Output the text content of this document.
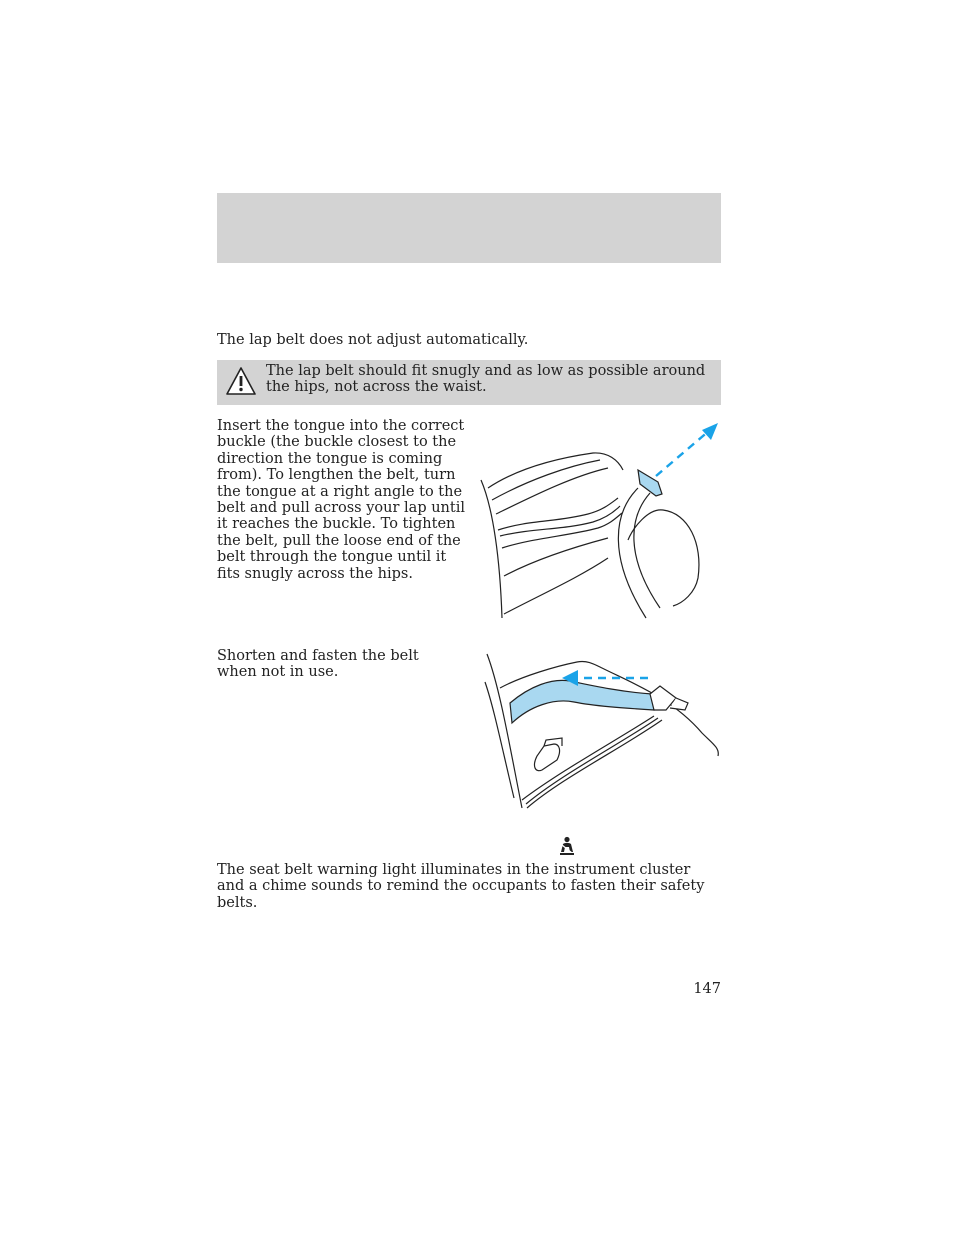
The lap belt does not adjust automatically.

The lap belt should fit snugly and as low as possible around the hips, not across the waist.

Insert the tongue into the correct buckle (the buckle closest to the direction the tongue is coming from). To lengthen the belt, turn the tongue at a right angle to the belt and pull across your lap until it reaches the buckle. To tighten the belt, pull the loose end of the belt through the tongue until it fits snugly across the hips.

Shorten and fasten the belt when not in use.

The seat belt warning light illuminates in the instrument cluster and a chime sounds to remind the occupants to fasten their safety belts.

147
